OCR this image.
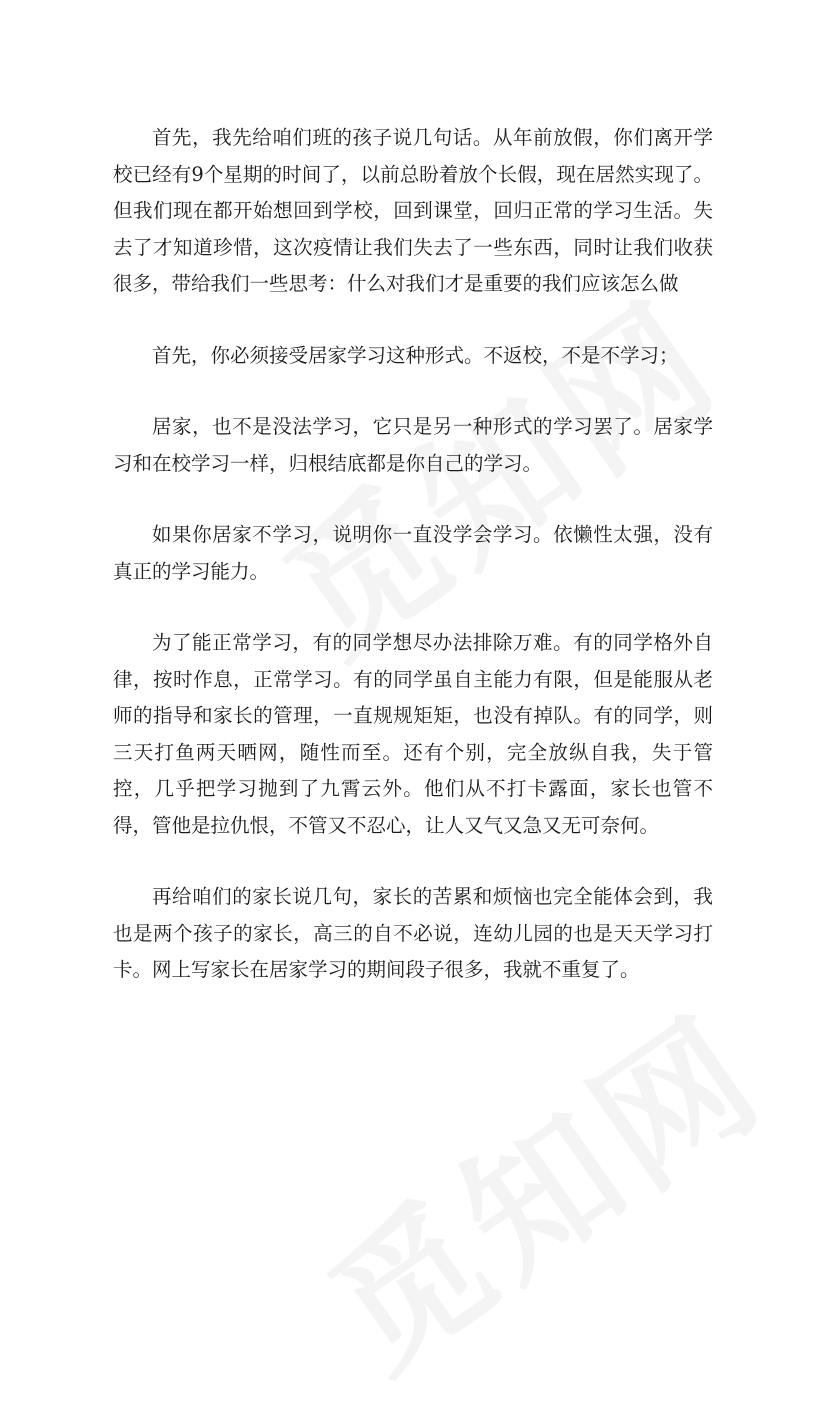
首先，我先给咱们班的孩子说几句话。从年前放假，你们离开学校已经有9个星期的时间了，以前总盼着放个长假，现在居然实现了。但我们现在都开始想回到学校，回到课堂，回归正常的学习生活。失去了才知道珍惜，这次疫情让我们失去了一些东西，同时让我们收获很多，带给我们一些思考：什么对我们才是重要的我们应该怎么做

首先，你必须接受居家学习这种形式。不返校，不是不学习；

居家，也不是没法学习，它只是另一种形式的学习罢了。居家学习和在校学习一样，归根结底都是你自己的学习。

如果你居家不学习，说明你一直没学会学习。依懒性太强，没有真正的学习能力。

为了能正常学习，有的同学想尽办法排除万难。有的同学格外自律，按时作息，正常学习。有的同学虽自主能力有限，但是能服从老师的指导和家长的管理，一直规规矩矩，也没有掉队。有的同学，则三天打鱼两天晒网，随性而至。还有个别，完全放纵自我，失于管控，几乎把学习抛到了九霄云外。他们从不打卡露面，家长也管不得，管他是拉仇恨，不管又不忍心，让人又气又急又无可奈何。

再给咱们的家长说几句，家长的苦累和烦恼也完全能体会到，我也是两个孩子的家长，高三的自不必说，连幼儿园的也是天天学习打卡。网上写家长在居家学习的期间段子很多，我就不重复了。
